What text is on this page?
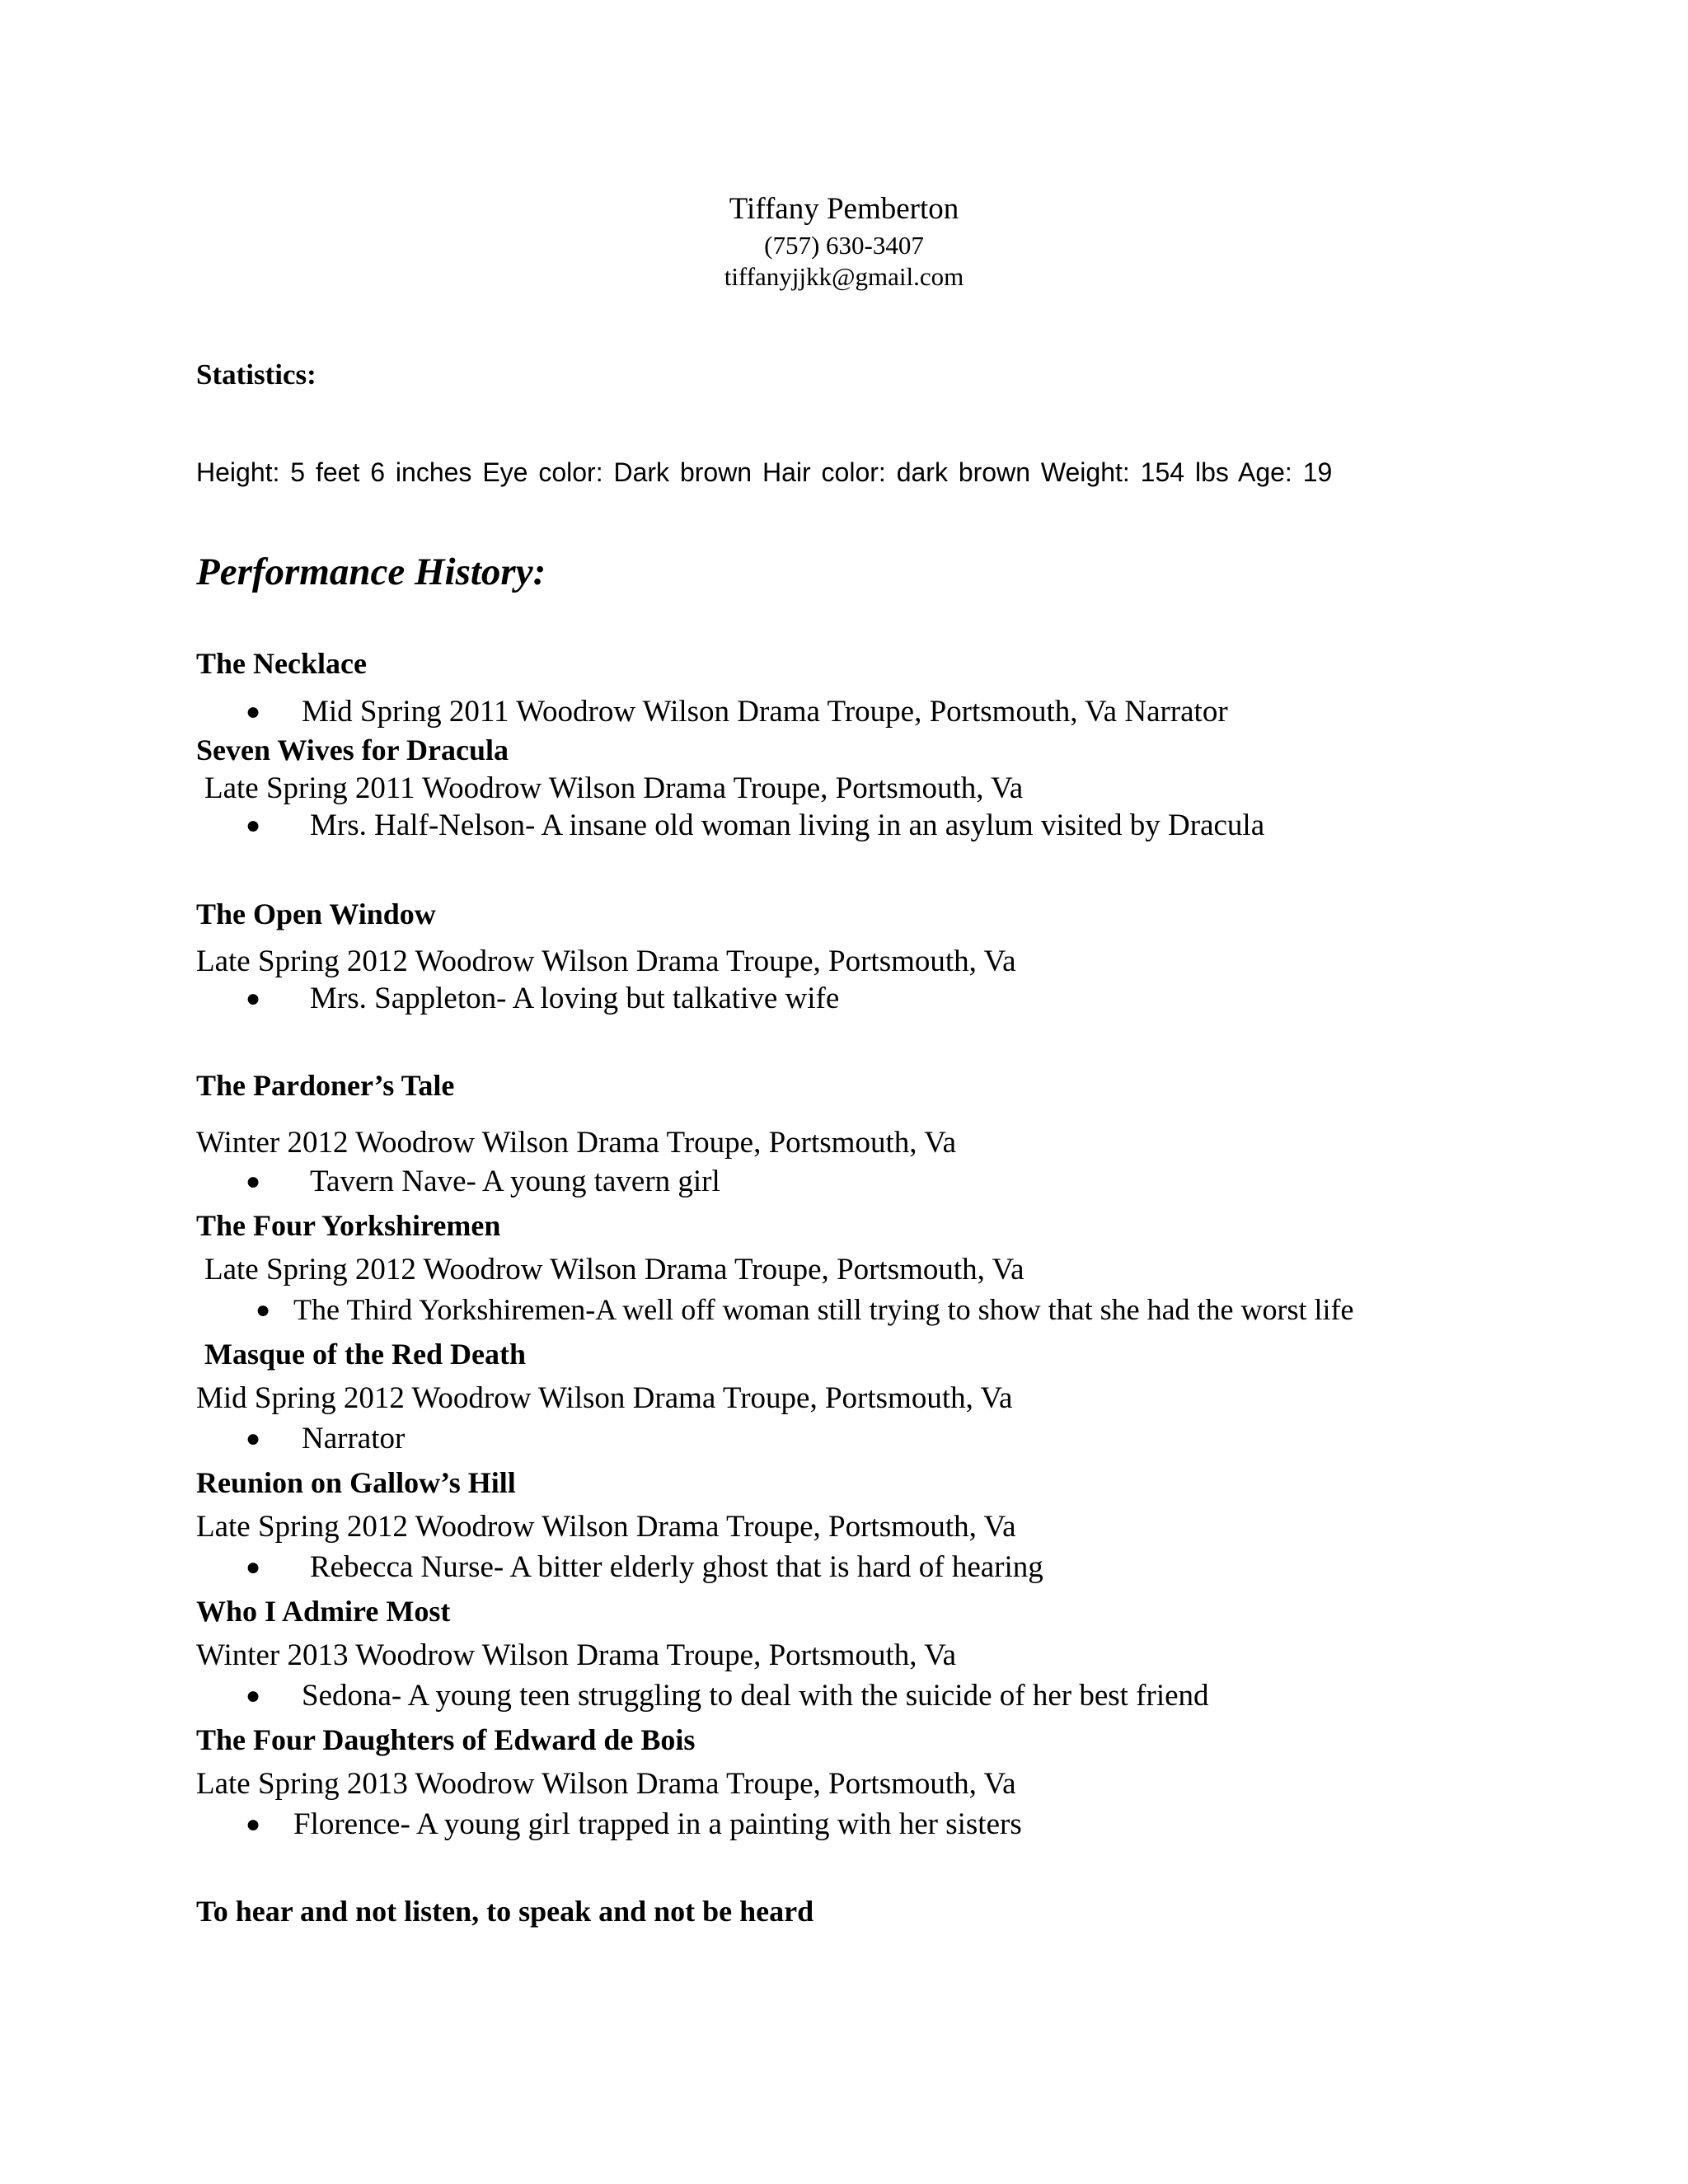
Tiffany Pemberton
(757) 630-3407
tiffanyjjkk@gmail.com
Statistics:
Height: 5 feet 6 inches Eye color: Dark brown Hair color: dark brown Weight: 154 lbs Age: 19
Performance History:
The Necklace
● Mid Spring 2011 Woodrow Wilson Drama Troupe, Portsmouth, Va Narrator
Seven Wives for Dracula
Late Spring 2011 Woodrow Wilson Drama Troupe, Portsmouth, Va
● Mrs. Half-Nelson- A insane old woman living in an asylum visited by Dracula
The Open Window
Late Spring 2012 Woodrow Wilson Drama Troupe, Portsmouth, Va
● Mrs. Sappleton- A loving but talkative wife
The Pardoner’s Tale
Winter 2012 Woodrow Wilson Drama Troupe, Portsmouth, Va
● Tavern Nave- A young tavern girl
The Four Yorkshiremen
Late Spring 2012 Woodrow Wilson Drama Troupe, Portsmouth, Va
● The Third Yorkshiremen-A well off woman still trying to show that she had the worst life
Masque of the Red Death
Mid Spring 2012 Woodrow Wilson Drama Troupe, Portsmouth, Va
● Narrator
Reunion on Gallow’s Hill
Late Spring 2012 Woodrow Wilson Drama Troupe, Portsmouth, Va
● Rebecca Nurse- A bitter elderly ghost that is hard of hearing
Who I Admire Most
Winter 2013 Woodrow Wilson Drama Troupe, Portsmouth, Va
● Sedona- A young teen struggling to deal with the suicide of her best friend
The Four Daughters of Edward de Bois
Late Spring 2013 Woodrow Wilson Drama Troupe, Portsmouth, Va
● Florence- A young girl trapped in a painting with her sisters
To hear and not listen, to speak and not be heard
